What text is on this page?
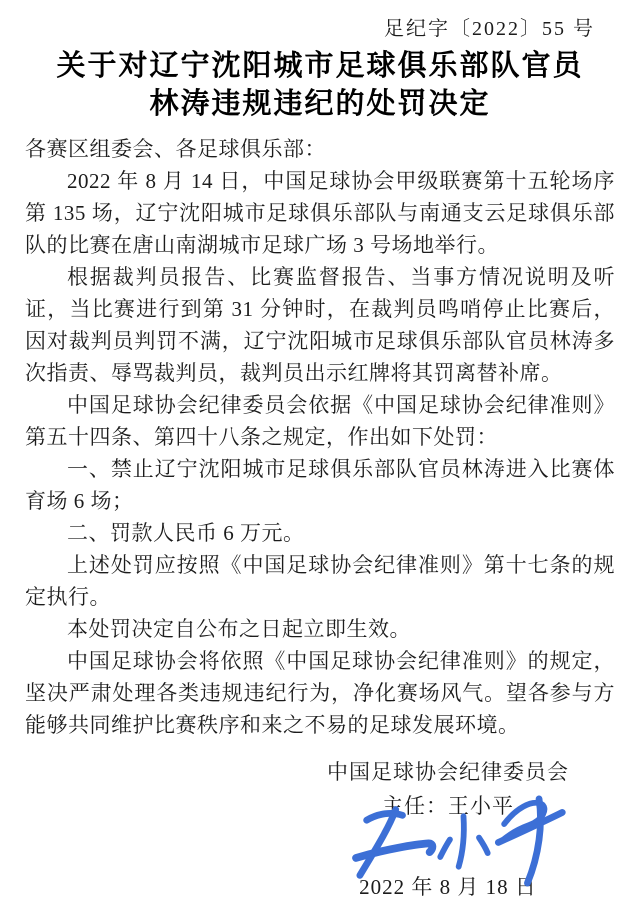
足纪字〔2022〕55 号
关于对辽宁沈阳城市足球俱乐部队官员
林涛违规违纪的处罚决定

各赛区组委会、各足球俱乐部：

2022 年 8 月 14 日，中国足球协会甲级联赛第十五轮场序第 135 场，辽宁沈阳城市足球俱乐部队与南通支云足球俱乐部队的比赛在唐山南湖城市足球广场 3 号场地举行。

根据裁判员报告、比赛监督报告、当事方情况说明及听证，当比赛进行到第 31 分钟时，在裁判员鸣哨停止比赛后，因对裁判员判罚不满，辽宁沈阳城市足球俱乐部队官员林涛多次指责、辱骂裁判员，裁判员出示红牌将其罚离替补席。

中国足球协会纪律委员会依据《中国足球协会纪律准则》第五十四条、第四十八条之规定，作出如下处罚：

一、禁止辽宁沈阳城市足球俱乐部队官员林涛进入比赛体育场 6 场；

二、罚款人民币 6 万元。

上述处罚应按照《中国足球协会纪律准则》第十七条的规定执行。

本处罚决定自公布之日起立即生效。

中国足球协会将依照《中国足球协会纪律准则》的规定，坚决严肃处理各类违规违纪行为，净化赛场风气。望各参与方能够共同维护比赛秩序和来之不易的足球发展环境。

中国足球协会纪律委员会
主任：王小平
2022 年 8 月 18 日
